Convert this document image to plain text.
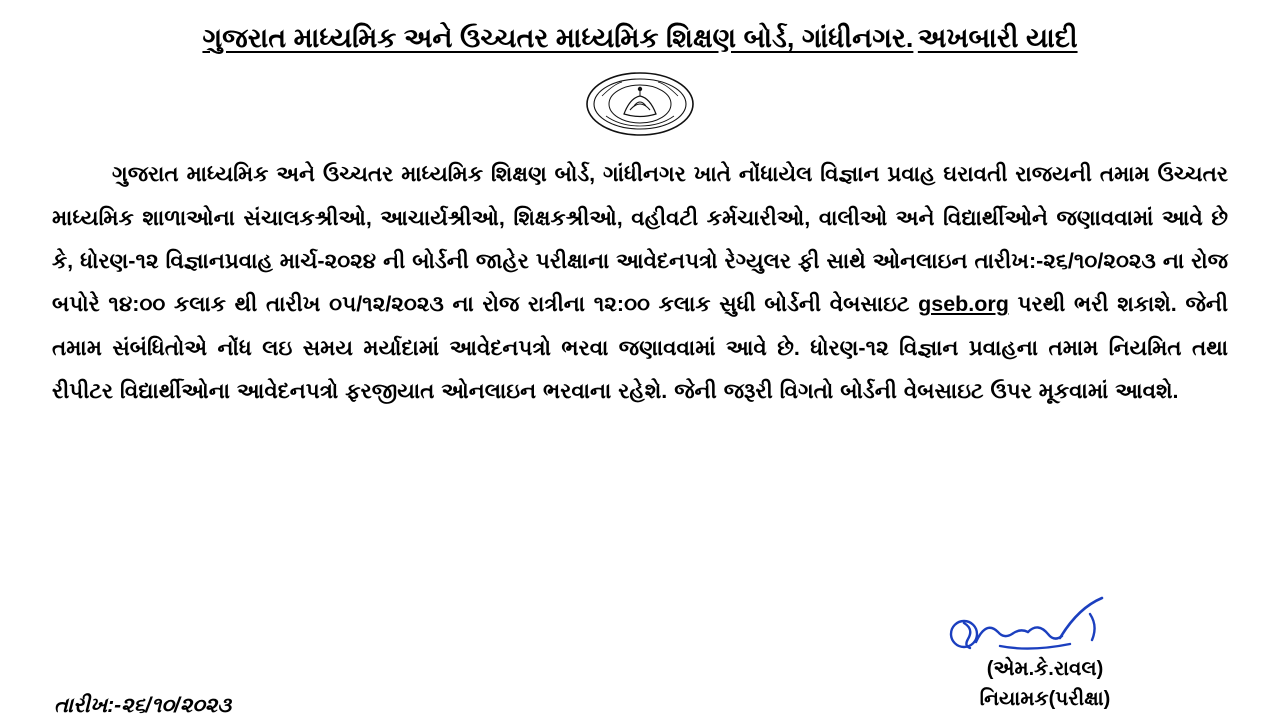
ગુજરાત માધ્યમિક અને ઉચ્ચતર માધ્યમિક શિક્ષણ બોર્ડ, ગાંધીનગર. અખબારી યાદી
ગુજરાત માધ્યમિક અને ઉચ્ચતર માધ્યમિક શિક્ષણ બોર્ડ, ગાંધીનગર ખાતે નોંધાયેલ વિજ્ઞાન પ્રવાહ ઘરાવતી રાજયની તમામ ઉચ્ચતર માધ્યમિક શાળાઓના સંચાલકશ્રીઓ, આચાર્યશ્રીઓ, શિક્ષકશ્રીઓ, વહીવટી કર્મચારીઓ, વાલીઓ અને વિદ્યાર્થીઓને જણાવવામાં આવે છે કે, ધોરણ-૧૨ વિજ્ઞાનપ્રવાહ માર્ચ-૨૦૨૪ ની બોર્ડની જાહેર પરીક્ષાના આવેદનપત્રો રેગ્યુલર ફી સાથે ઓનલાઇન તારીખ:-૨૬/૧૦/૨૦૨૩ ના રોજ બપોરે ૧૪:૦૦ કલાક થી તારીખ ૦૫/૧૨/૨૦૨૩ ના રોજ રાત્રીના ૧૨:૦૦ કલાક સુધી બોર્ડની વેબસાઇટ gseb.org પરથી ભરી શકાશે. જેની તમામ સંબંધિતોએ નોંધ લઇ સમય મર્યાદામાં આવેદનપત્રો ભરવા જણાવવામાં આવે છે. ધોરણ-૧૨ વિજ્ઞાન પ્રવાહના તમામ નિયમિત તથા રીપીટર વિદ્યાર્થીઓના આવેદનપત્રો ફરજીયાત ઓનલાઇન ભરવાના રહેશે. જેની જરૂરી વિગતો બોર્ડની વેબસાઇટ ઉપર મૂકવામાં આવશે.
(એમ.કે.રાવલ)
નિયામક(પરીક્ષા)
તારીખ:-૨૬/૧૦/૨૦૨૩
